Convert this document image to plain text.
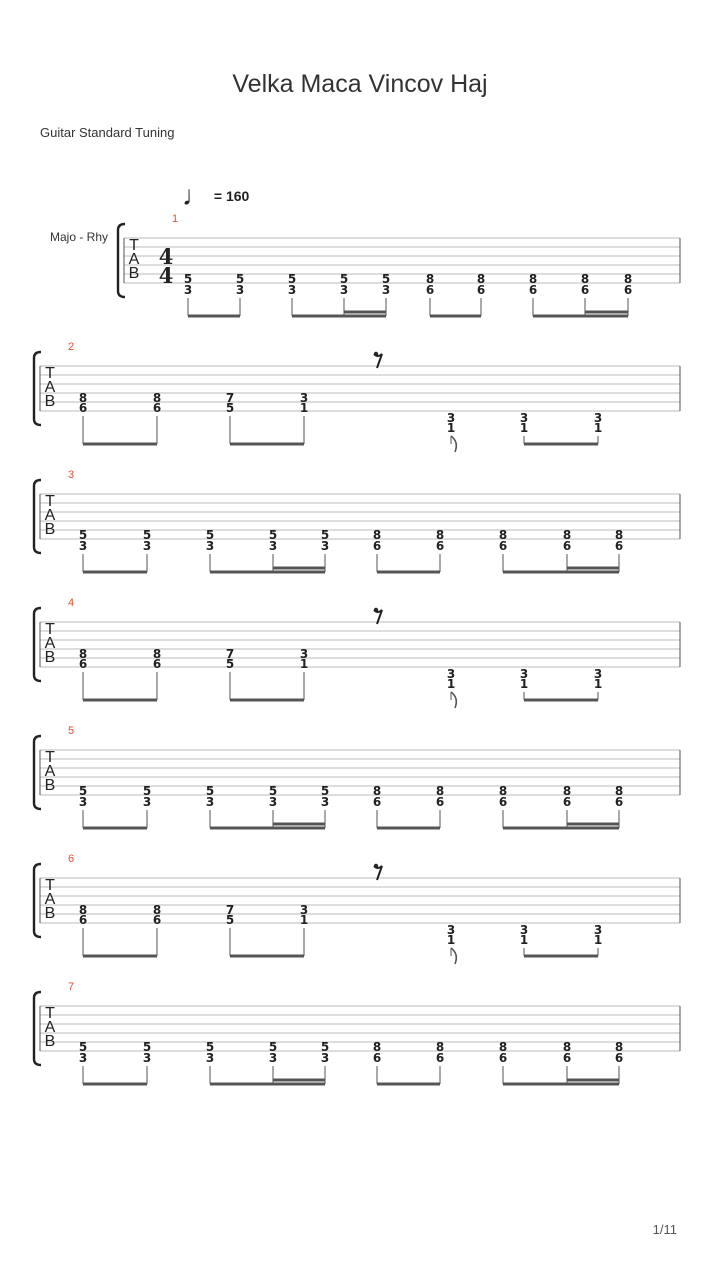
Velka Maca Vincov Haj
Guitar Standard Tuning
♩ = 160
Majo - Rhy T
A
B
1
4
4 5
3
5
3
5
3
5
3
5
3
8
6
8
6
8
6
8
6
8
6
T
A
B
2
8
6
8
6
7
5
3
1
3
1
3
1
3
1
T
A
B
3
5
3
5
3
5
3
5
3
5
3
8
6
8
6
8
6
8
6
8
6
T
A
B
4
8
6
8
6
7
5
3
1
3
1
3
1
3
1
T
A
B
5
5
3
5
3
5
3
5
3
5
3
8
6
8
6
8
6
8
6
8
6
T
A
B
6
8
6
8
6
7
5
3
1
3
1
3
1
3
1
T
A
B
7
5
3
5
3
5
3
5
3
5
3
8
6
8
6
8
6
8
6
8
6
1/11
